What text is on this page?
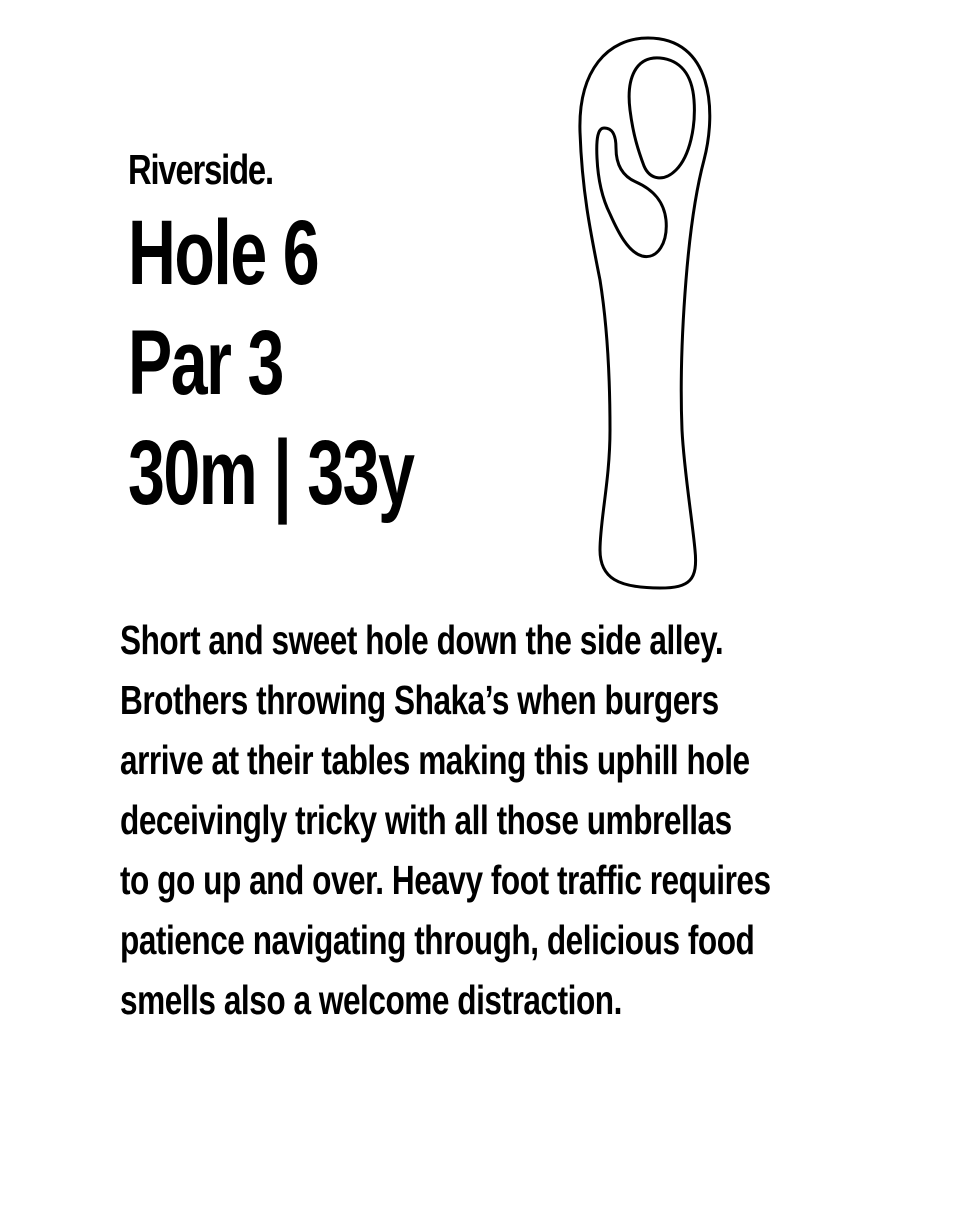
Riverside.
Hole 6
Par 3
30m | 33y
Short and sweet hole down the side alley.
Brothers throwing Shaka’s when burgers
arrive at their tables making this uphill hole
deceivingly tricky with all those umbrellas
to go up and over. Heavy foot traffic requires
patience navigating through, delicious food
smells also a welcome distraction.
